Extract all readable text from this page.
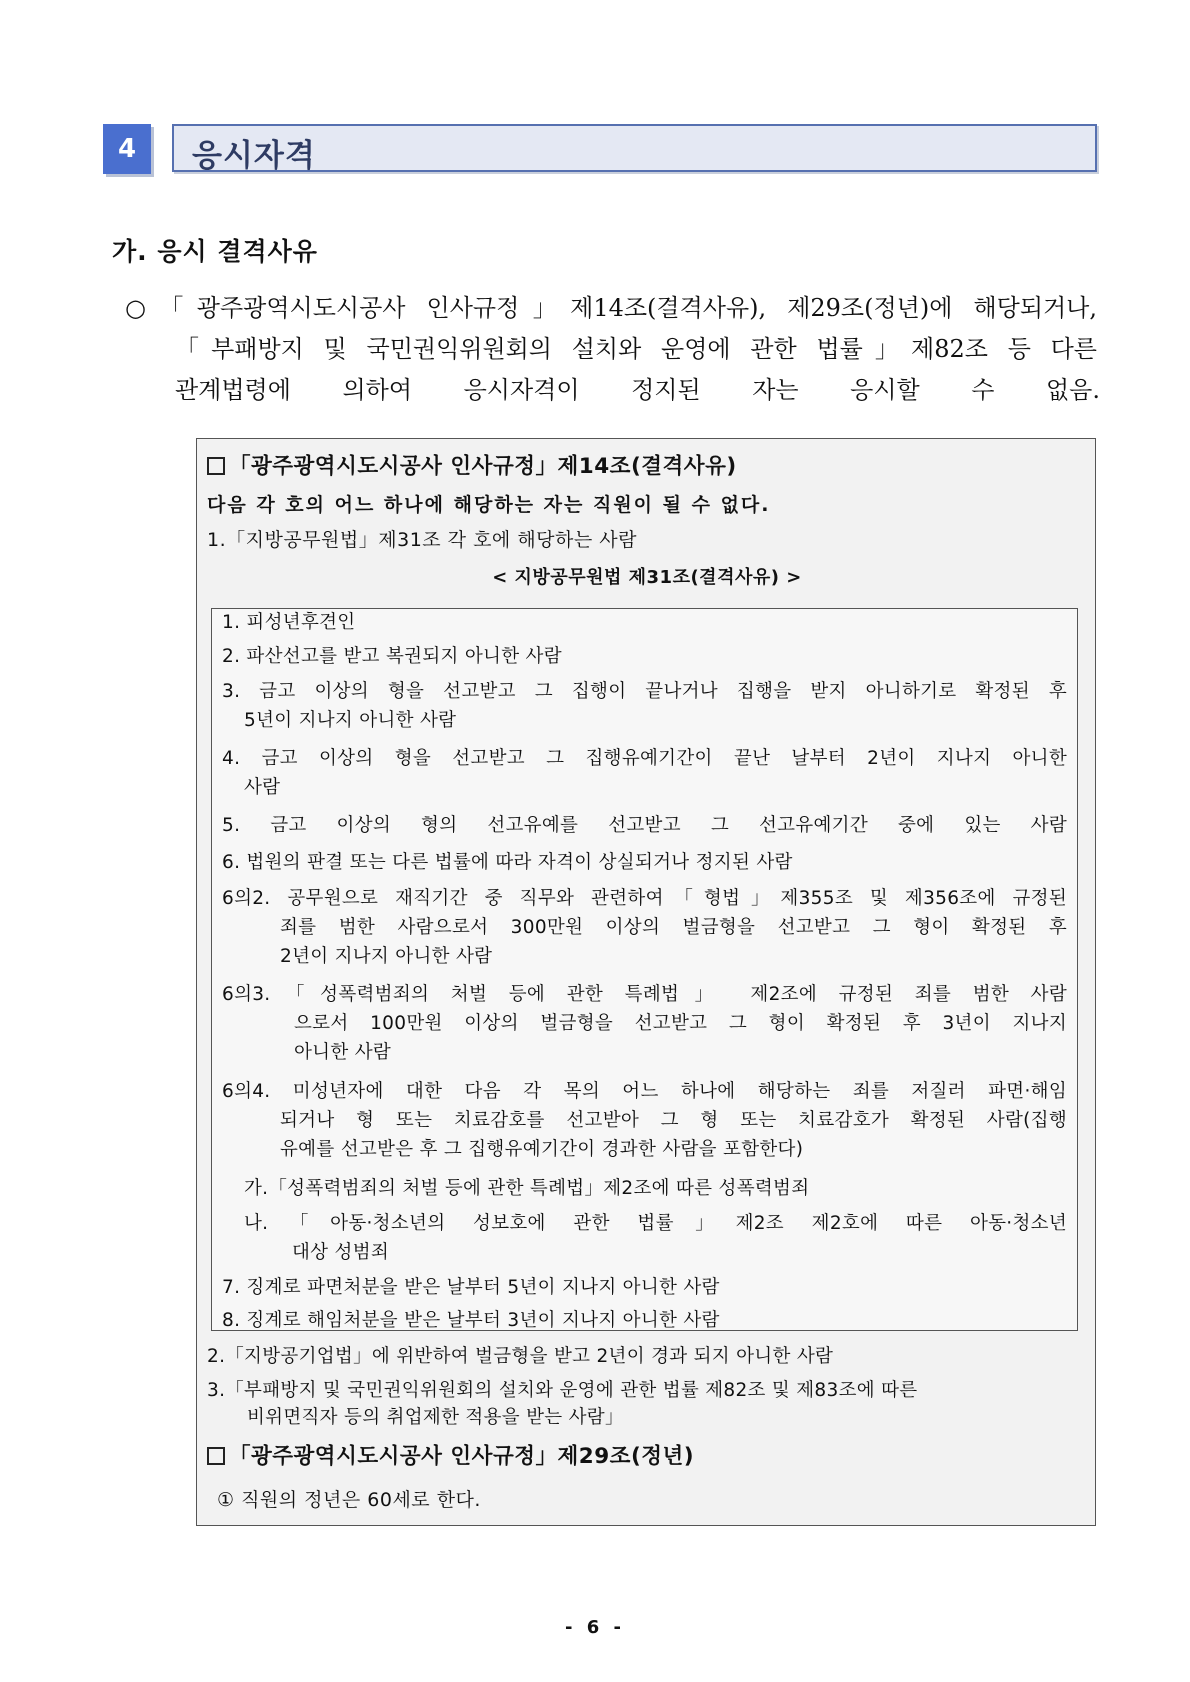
4	응시자격
가. 응시 결격사유
○「광주광역시도시공사 인사규정」제14조(결격사유), 제29조(정년)에 해당되거나,
「부패방지 및 국민권익위원회의 설치와 운영에 관한 법률」제82조 등 다른
관계법령에 의하여 응시자격이 정지된 자는 응시할 수 없음.
「광주광역시도시공사 인사규정」제14조(결격사유)
다음 각 호의 어느 하나에 해당하는 자는 직원이 될 수 없다.
1.「지방공무원법」제31조 각 호에 해당하는 사람
< 지방공무원법 제31조(결격사유) >
1. 피성년후견인
2. 파산선고를 받고 복권되지 아니한 사람
3. 금고 이상의 형을 선고받고 그 집행이 끝나거나 집행을 받지 아니하기로 확정된 후
5년이 지나지 아니한 사람
4. 금고 이상의 형을 선고받고 그 집행유예기간이 끝난 날부터 2년이 지나지 아니한
사람
5. 금고 이상의 형의 선고유예를 선고받고 그 선고유예기간 중에 있는 사람
6. 법원의 판결 또는 다른 법률에 따라 자격이 상실되거나 정지된 사람
6의2. 공무원으로 재직기간 중 직무와 관련하여「형법」제355조 및 제356조에 규정된
죄를 범한 사람으로서 300만원 이상의 벌금형을 선고받고 그 형이 확정된 후
2년이 지나지 아니한 사람
6의3.「성폭력범죄의 처벌 등에 관한 특례법」 제2조에 규정된 죄를 범한 사람
으로서 100만원 이상의 벌금형을 선고받고 그 형이 확정된 후 3년이 지나지
아니한 사람
6의4. 미성년자에 대한 다음 각 목의 어느 하나에 해당하는 죄를 저질러 파면·해임
되거나 형 또는 치료감호를 선고받아 그 형 또는 치료감호가 확정된 사람(집행
유예를 선고받은 후 그 집행유예기간이 경과한 사람을 포함한다)
가.「성폭력범죄의 처벌 등에 관한 특례법」제2조에 따른 성폭력범죄
나.「아동·청소년의 성보호에 관한 법률」제2조 제2호에 따른 아동·청소년
대상 성범죄
7. 징계로 파면처분을 받은 날부터 5년이 지나지 아니한 사람
8. 징계로 해임처분을 받은 날부터 3년이 지나지 아니한 사람
2.「지방공기업법」에 위반하여 벌금형을 받고 2년이 경과 되지 아니한 사람
3.「부패방지 및 국민권익위원회의 설치와 운영에 관한 법률 제82조 및 제83조에 따른
비위면직자 등의 취업제한 적용을 받는 사람」
「광주광역시도시공사 인사규정」제29조(정년)
① 직원의 정년은 60세로 한다.
- 6 -
